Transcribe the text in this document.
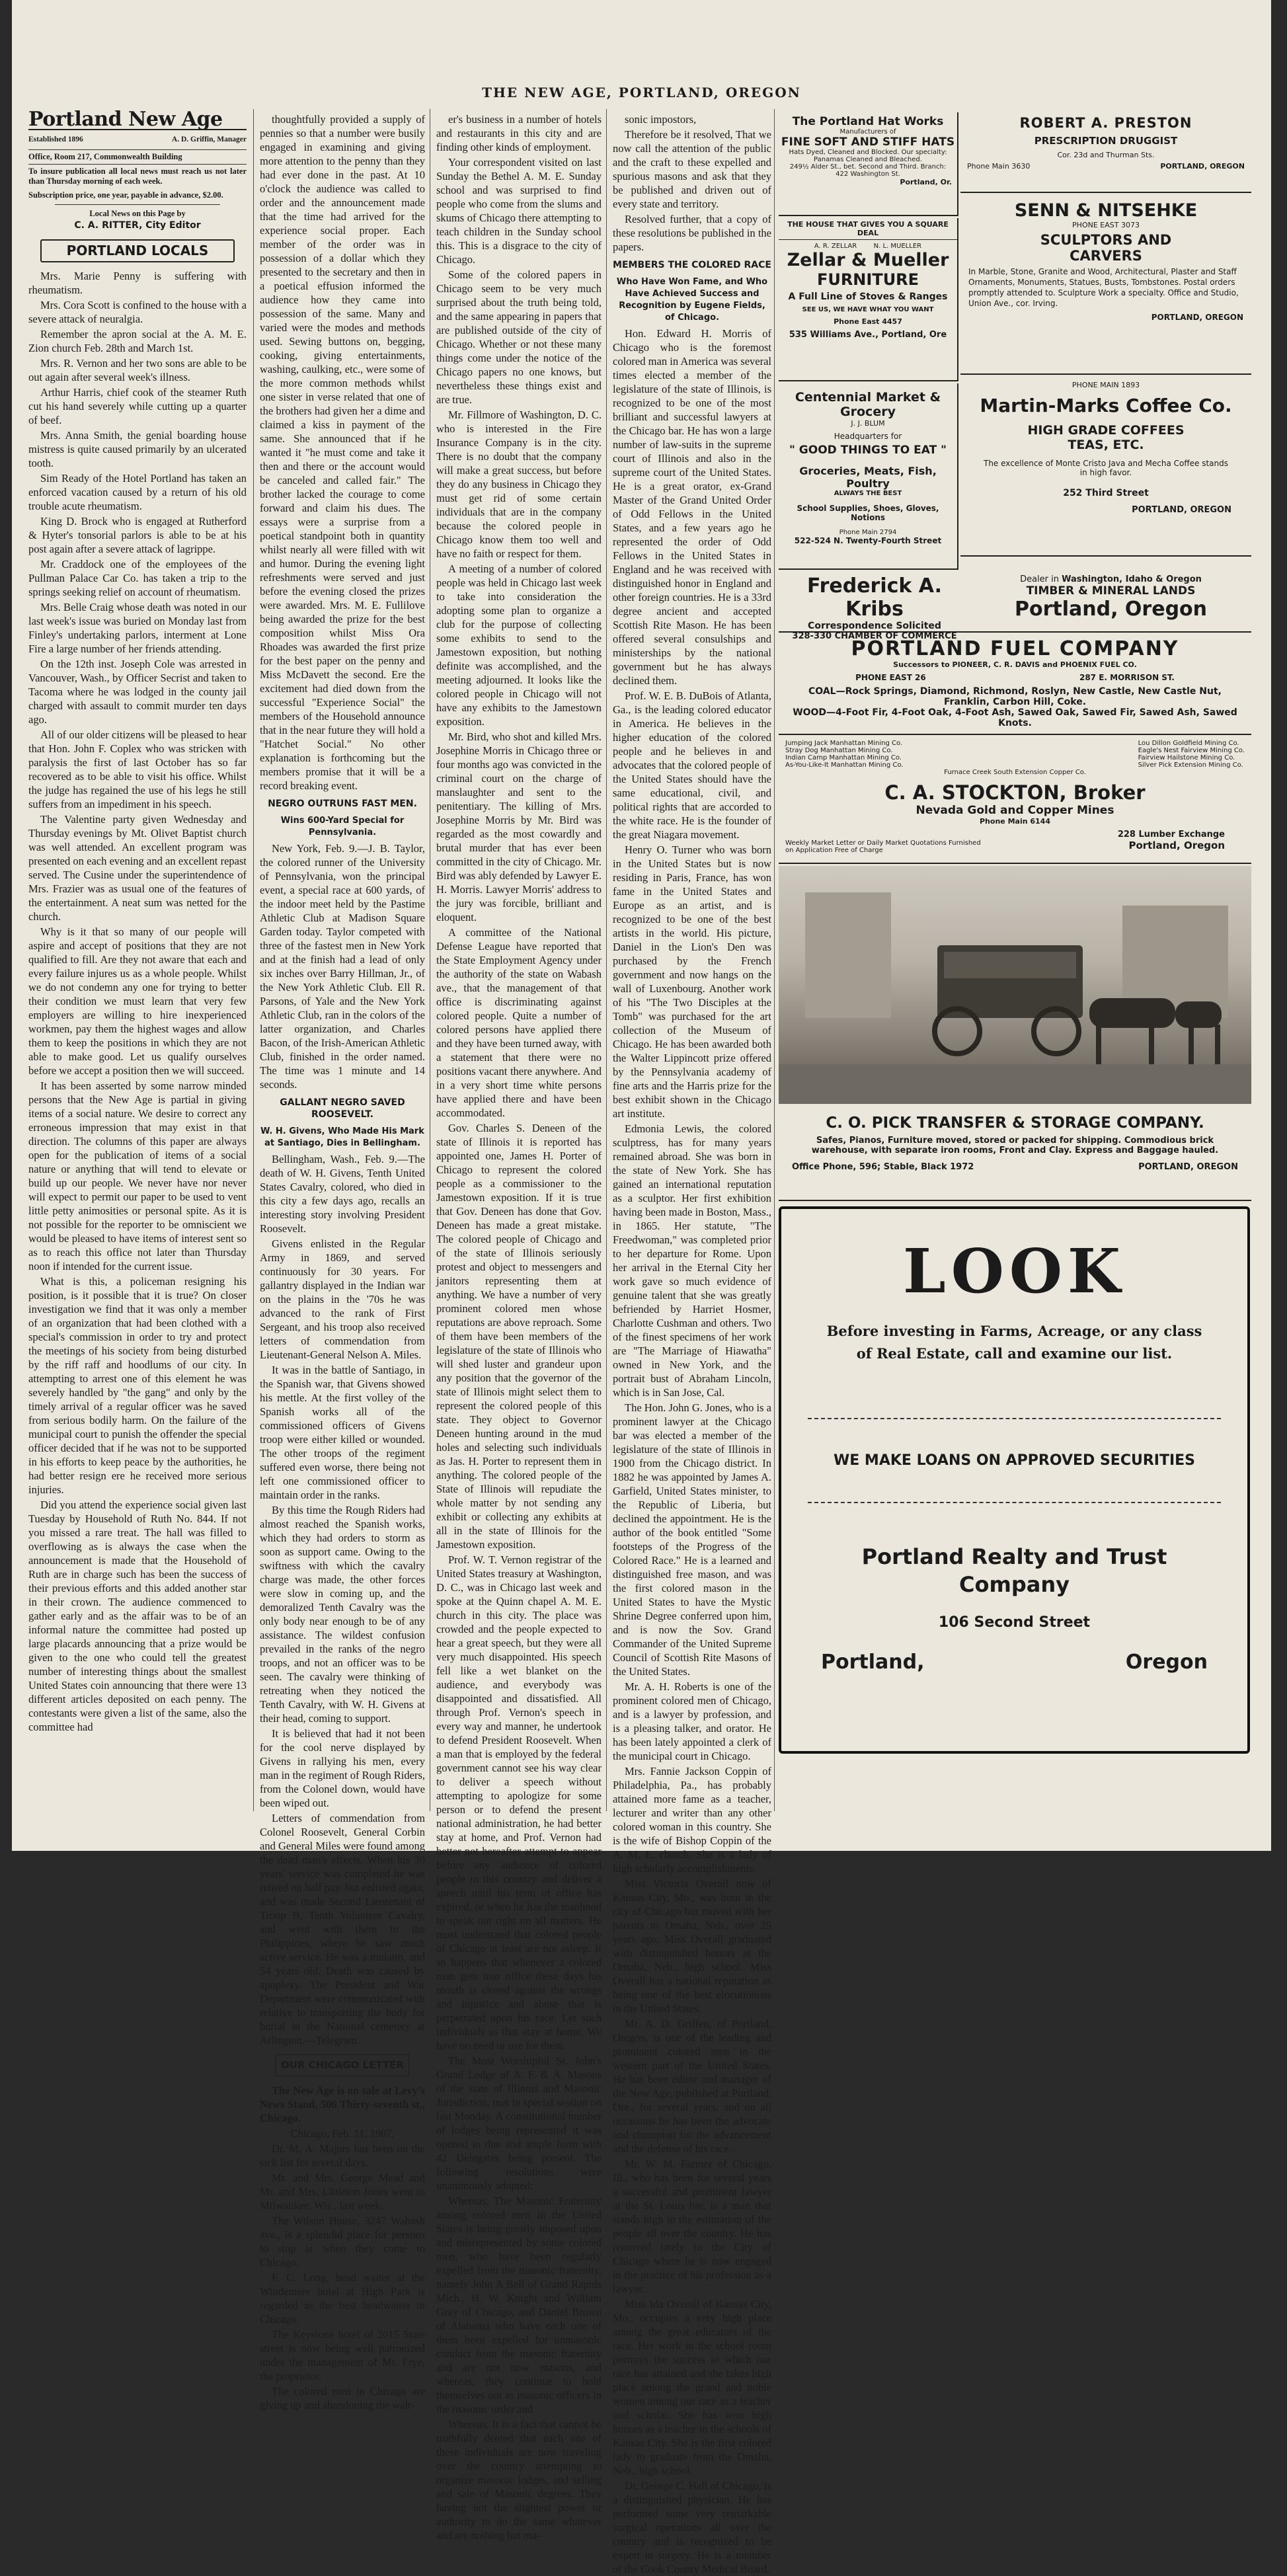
THE NEW AGE, PORTLAND, OREGON
Portland New Age
Established 1896	A. D. Griffin, Manager
Office, Room 217, Commonwealth Building
To insure publication all local news must reach us not later than Thursday morning of each week.
Subscription price, one year, payable in advance, $2.00.
Local News on this Page by
C. A. RITTER, City Editor
PORTLAND LOCALS

Mrs. Marie Penny is suffering with rheumatism.

Mrs. Cora Scott is confined to the house with a severe attack of neuralgia.

Remember the apron social at the A. M. E. Zion church Feb. 28th and March 1st.

Mrs. R. Vernon and her two sons are able to be out again after several week's illness.

Arthur Harris, chief cook of the steamer Ruth cut his hand severely while cutting up a quarter of beef.

Mrs. Anna Smith, the genial boarding house mistress is quite caused primarily by an ulcerated tooth.

Sim Ready of the Hotel Portland has taken an enforced vacation caused by a return of his old trouble acute rheumatism.

King D. Brock who is engaged at Rutherford & Hyter's tonsorial parlors is able to be at his post again after a severe attack of lagrippe.

Mr. Craddock one of the employees of the Pullman Palace Car Co. has taken a trip to the springs seeking relief on account of rheumatism.

Mrs. Belle Craig whose death was noted in our last week's issue was buried on Monday last from Finley's undertaking parlors, interment at Lone Fire a large number of her friends attending.

On the 12th inst. Joseph Cole was arrested in Vancouver, Wash., by Officer Secrist and taken to Tacoma where he was lodged in the county jail charged with assault to commit murder ten days ago.

All of our older citizens will be pleased to hear that Hon. John F. Coplex who was stricken with paralysis the first of last October has so far recovered as to be able to visit his office. Whilst the judge has regained the use of his legs he still suffers from an impediment in his speech.

The Valentine party given Wednesday and Thursday evenings by Mt. Olivet Baptist church was well attended. An excellent program was presented on each evening and an excellent repast served. The Cusine under the superintendence of Mrs. Frazier was as usual one of the features of the entertainment. A neat sum was netted for the church.

Why is it that so many of our people will aspire and accept of positions that they are not qualified to fill. Are they not aware that each and every failure injures us as a whole people. Whilst we do not condemn any one for trying to better their condition we must learn that very few employers are willing to hire inexperienced workmen, pay them the highest wages and allow them to keep the positions in which they are not able to make good. Let us qualify ourselves before we accept a position then we will succeed.

It has been asserted by some narrow minded persons that the New Age is partial in giving items of a social nature. We desire to correct any erroneous impression that may exist in that direction. The columns of this paper are always open for the publication of items of a social nature or anything that will tend to elevate or build up our people. We never have nor never will expect to permit our paper to be used to vent little petty animosities or personal spite. As it is not possible for the reporter to be omniscient we would be pleased to have items of interest sent so as to reach this office not later than Thursday noon if intended for the current issue.

What is this, a policeman resigning his position, is it possible that it is true? On closer investigation we find that it was only a member of an organization that had been clothed with a special's commission in order to try and protect the meetings of his society from being disturbed by the riff raff and hoodlums of our city. In attempting to arrest one of this element he was severely handled by "the gang" and only by the timely arrival of a regular officer was he saved from serious bodily harm. On the failure of the municipal court to punish the offender the special officer decided that if he was not to be supported in his efforts to keep peace by the authorities, he had better resign ere he received more serious injuries.

Did you attend the experience social given last Tuesday by Household of Ruth No. 844. If not you missed a rare treat. The hall was filled to overflowing as is always the case when the announcement is made that the Household of Ruth are in charge such has been the success of their previous efforts and this added another star in their crown. The audience commenced to gather early and as the affair was to be of an informal nature the committee had posted up large placards announcing that a prize would be given to the one who could tell the greatest number of interesting things about the smallest United States coin announcing that there were 13 different articles deposited on each penny. The contestants were given a list of the same, also the committee had

thoughtfully provided a supply of pennies so that a number were busily engaged in examining and giving more attention to the penny than they had ever done in the past. At 10 o'clock the audience was called to order and the announcement made that the time had arrived for the experience social proper. Each member of the order was in possession of a dollar which they presented to the secretary and then in a poetical effusion informed the audience how they came into possession of the same. Many and varied were the modes and methods used. Sewing buttons on, begging, cooking, giving entertainments, washing, caulking, etc., were some of the more common methods whilst one sister in verse related that one of the brothers had given her a dime and claimed a kiss in payment of the same. She announced that if he wanted it "he must come and take it then and there or the account would be canceled and called fair." The brother lacked the courage to come forward and claim his dues. The essays were a surprise from a poetical standpoint both in quantity whilst nearly all were filled with wit and humor. During the evening light refreshments were served and just before the evening closed the prizes were awarded. Mrs. M. E. Fullilove being awarded the prize for the best composition whilst Miss Ora Rhoades was awarded the first prize for the best paper on the penny and Miss McDavett the second. Ere the excitement had died down from the successful "Experience Social" the members of the Household announce that in the near future they will hold a "Hatchet Social." No other explanation is forthcoming but the members promise that it will be a record breaking event.

NEGRO OUTRUNS FAST MEN.
Wins 600-Yard Special for Pennsylvania.

New York, Feb. 9.—J. B. Taylor, the colored runner of the University of Pennsylvania, won the principal event, a special race at 600 yards, of the indoor meet held by the Pastime Athletic Club at Madison Square Garden today. Taylor competed with three of the fastest men in New York and at the finish had a lead of only six inches over Barry Hillman, Jr., of the New York Athletic Club. Ell R. Parsons, of Yale and the New York Athletic Club, ran in the colors of the latter organization, and Charles Bacon, of the Irish-American Athletic Club, finished in the order named. The time was 1 minute and 14 seconds.

GALLANT NEGRO SAVED ROOSEVELT.
W. H. Givens, Who Made His Mark at Santiago, Dies in Bellingham.

Bellingham, Wash., Feb. 9.—The death of W. H. Givens, Tenth United States Cavalry, colored, who died in this city a few days ago, recalls an interesting story involving President Roosevelt.

Givens enlisted in the Regular Army in 1869, and served continuously for 30 years. For gallantry displayed in the Indian war on the plains in the '70s he was advanced to the rank of First Sergeant, and his troop also received letters of commendation from Lieutenant-General Nelson A. Miles.

It was in the battle of Santiago, in the Spanish war, that Givens showed his mettle. At the first volley of the Spanish works all of the commissioned officers of Givens troop were either killed or wounded. The other troops of the regiment suffered even worse, there being not left one commissioned officer to maintain order in the ranks.

By this time the Rough Riders had almost reached the Spanish works, which they had orders to storm as soon as support came. Owing to the swiftness with which the cavalry charge was made, the other forces were slow in coming up, and the demoralized Tenth Cavalry was the only body near enough to be of any assistance. The wildest confusion prevailed in the ranks of the negro troops, and not an officer was to be seen. The cavalry were thinking of retreating when they noticed the Tenth Cavalry, with W. H. Givens at their head, coming to support.

It is believed that had it not been for the cool nerve displayed by Givens in rallying his men, every man in the regiment of Rough Riders, from the Colonel down, would have been wiped out.

Letters of commendation from Colonel Roosevelt, General Corbin and General Miles were found among the dead man's effects. When his 30 years' service was completed he was retired on half pay, but enlisted again, and was made Second Lieutenant of Troop B, Tenth Volunteer Cavalry, and went with them to the Philippines, where he saw much active service. He was a mulatto, and 54 years old. Death was caused by apoplexy. The President and War Department were communicated with relative to transporting the body for burial in the National cemetery at Arlington.—Telegram.

OUR CHICAGO LETTER

The New Age is on sale at Levy's News Stand, 506 Thirty-seventh st., Chicago.

Chicago, Feb. 11, 1907.

Dr. M. A. Majors has been on the sick list for several days.

Mr. and Mrs. George Mead and Mr. and Mrs. Littleton Jones went to Milwaukee, Wis., last week.

The Wilson House, 3247 Wabash ave., is a splendid place for persons to stop at when they come to Chicago.

F. C. Long, head waiter at the Windemere hotel at High Park is regarded as the best headwaiter in Chicago.

The Keystone hotel of 2015 State street is now being well patronized under the management of Mr. Frye, the proprietor.

The colored men in Chicago are giving up and abandoning the walt-

er's business in a number of hotels and restaurants in this city and are finding other kinds of employment.

Your correspondent visited on last Sunday the Bethel A. M. E. Sunday school and was surprised to find people who come from the slums and skums of Chicago there attempting to teach children in the Sunday school this. This is a disgrace to the city of Chicago.

Some of the colored papers in Chicago seem to be very much surprised about the truth being told, and the same appearing in papers that are published outside of the city of Chicago. Whether or not these many things come under the notice of the Chicago papers no one knows, but nevertheless these things exist and are true.

Mr. Fillmore of Washington, D. C. who is interested in the Fire Insurance Company is in the city. There is no doubt that the company will make a great success, but before they do any business in Chicago they must get rid of some certain individuals that are in the company because the colored people in Chicago know them too well and have no faith or respect for them.

A meeting of a number of colored people was held in Chicago last week to take into consideration the adopting some plan to organize a club for the purpose of collecting some exhibits to send to the Jamestown exposition, but nothing definite was accomplished, and the meeting adjourned. It looks like the colored people in Chicago will not have any exhibits to the Jamestown exposition.

Mr. Bird, who shot and killed Mrs. Josephine Morris in Chicago three or four months ago was convicted in the criminal court on the charge of manslaughter and sent to the penitentiary. The killing of Mrs. Josephine Morris by Mr. Bird was regarded as the most cowardly and brutal murder that has ever been committed in the city of Chicago. Mr. Bird was ably defended by Lawyer E. H. Morris. Lawyer Morris' address to the jury was forcible, brilliant and eloquent.

A committee of the National Defense League have reported that the State Employment Agency under the authority of the state on Wabash ave., that the management of that office is discriminating against colored people. Quite a number of colored persons have applied there and they have been turned away, with a statement that there were no positions vacant there anywhere. And in a very short time white persons have applied there and have been accommodated.

Gov. Charles S. Deneen of the state of Illinois it is reported has appointed one, James H. Porter of Chicago to represent the colored people as a commissioner to the Jamestown exposition. If it is true that Gov. Deneen has done that Gov. Deneen has made a great mistake. The colored people of Chicago and of the state of Illinois seriously protest and object to messengers and janitors representing them at anything. We have a number of very prominent colored men whose reputations are above reproach. Some of them have been members of the legislature of the state of Illinois who will shed luster and grandeur upon any position that the governor of the state of Illinois might select them to represent the colored people of this state. They object to Governor Deneen hunting around in the mud holes and selecting such individuals as Jas. H. Porter to represent them in anything. The colored people of the State of Illinois will repudiate the whole matter by not sending any exhibit or collecting any exhibits at all in the state of Illinois for the Jamestown exposition.

Prof. W. T. Vernon registrar of the United States treasury at Washington, D. C., was in Chicago last week and spoke at the Quinn chapel A. M. E. church in this city. The place was crowded and the people expected to hear a great speech, but they were all very much disappointed. His speech fell like a wet blanket on the audience, and everybody was disappointed and dissatisfied. All through Prof. Vernon's speech in every way and manner, he undertook to defend President Roosevelt. When a man that is employed by the federal government cannot see his way clear to deliver a speech without attempting to apologize for some person or to defend the present national administration, he had better stay at home, and Prof. Vernon had better not hereafter attempt to appear before any audience of colored people in this country and deliver a speech until his term of office has expired, or when he has the manhood to speak out right on all matters. He must understand that colored people of Chicago at least are not asleep. It so happens that whenever a colored man gets into office these days his mouth is closed against the wrongs and injustice and abuse that is perpetrated upon his race. Let such individuals as that stay at home. We have no need or use for them.

The Most Worshipful St. John's Grand Lodge of A. F. & A. Masons of the state of Illinois and Masonic Jurisdiction, met in special session on last Monday. A constitutional number of lodges being represented it was opened in due and ample form with 42 Delegates being present. The following resolutions were unanimously adopted:

Whereas, The Masonic Fraternity among colored men in the United States is being greatly imposed upon and misrepresented by some colored men, who have been regularly expelled from the masonic fraternity, namely John A Bell of Grand Rapids Mich., H. W. Knight and William Gray of Chicago, and Daniel Brown of Alabama who have each one of them been expelled for unmasonic conduct from the masonic fraternity and are not now masons, and whereas, they continue to hold themselves out as masonic officers in the masonic order and

Whereas, It is a fact that cannot be truthfully denied that each one of these individuals are now traveling over the country attempting to organize masonic lodges, and selling and sale of Masonic degrees. They having not the slightest power or authority to do the same whatever and are nothing but ma-

sonic impostors,

Therefore be it resolved, That we now call the attention of the public and the craft to these expelled and spurious masons and ask that they be published and driven out of every state and territory.

Resolved further, that a copy of these resolutions be published in the papers.

MEMBERS THE COLORED RACE
Who Have Won Fame, and Who Have Achieved Success and Recognition by Eugene Fields, of Chicago.

Hon. Edward H. Morris of Chicago who is the foremost colored man in America was several times elected a member of the legislature of the state of Illinois, is recognized to be one of the most brilliant and successful lawyers at the Chicago bar. He has won a large number of law-suits in the supreme court of Illinois and also in the supreme court of the United States. He is a great orator, ex-Grand Master of the Grand United Order of Odd Fellows in the United States, and a few years ago he represented the order of Odd Fellows in the United States in England and he was received with distinguished honor in England and other foreign countries. He is a 33rd degree ancient and accepted Scottish Rite Mason. He has been offered several consulships and ministerships by the national government but he has always declined them.

Prof. W. E. B. DuBois of Atlanta, Ga., is the leading colored educator in America. He believes in the higher education of the colored people and he believes in and advocates that the colored people of the United States should have the same educational, civil, and political rights that are accorded to the white race. He is the founder of the great Niagara movement.

Henry O. Turner who was born in the United States but is now residing in Paris, France, has won fame in the United States and Europe as an artist, and is recognized to be one of the best artists in the world. His picture, Daniel in the Lion's Den was purchased by the French government and now hangs on the wall of Luxenbourg. Another work of his "The Two Disciples at the Tomb" was purchased for the art collection of the Museum of Chicago. He has been awarded both the Walter Lippincott prize offered by the Pennsylvania academy of fine arts and the Harris prize for the best exhibit shown in the Chicago art institute.

Edmonia Lewis, the colored sculptress, has for many years remained abroad. She was born in the state of New York. She has gained an international reputation as a sculptor. Her first exhibition having been made in Boston, Mass., in 1865. Her statute, "The Freedwoman," was completed prior to her departure for Rome. Upon her arrival in the Eternal City her work gave so much evidence of genuine talent that she was greatly befriended by Harriet Hosmer, Charlotte Cushman and others. Two of the finest specimens of her work are "The Marriage of Hiawatha" owned in New York, and the portrait bust of Abraham Lincoln, which is in San Jose, Cal.

The Hon. John G. Jones, who is a prominent lawyer at the Chicago bar was elected a member of the legislature of the state of Illinois in 1900 from the Chicago district. In 1882 he was appointed by James A. Garfield, United States minister, to the Republic of Liberia, but declined the appointment. He is the author of the book entitled "Some footsteps of the Progress of the Colored Race." He is a learned and distinguished free mason, and was the first colored mason in the United States to have the Mystic Shrine Degree conferred upon him, and is now the Sov. Grand Commander of the United Supreme Council of Scottish Rite Masons of the United States.

Mr. A. H. Roberts is one of the prominent colored men of Chicago, and is a lawyer by profession, and is a pleasing talker, and orator. He has been lately appointed a clerk of the municipal court in Chicago.

Mrs. Fannie Jackson Coppin of Philadelphia, Pa., has probably attained more fame as a teacher, lecturer and writer than any other colored woman in this country. She is the wife of Bishop Coppin of the A. M. E. church. She is a lady of high scholarly accomplishments.

Miss Victoria Overall now of Kansas City, Mo., was born in the city of Chicago but moved with her parents to Omaha, Neb., over 25 years ago. Miss Overall graduated with distinguished honors at the Omaha, Neb., high school. Miss Overall has a national reputation as being one of the best elocutionists in the United States.

Mr. A. D. Griffen, of Portland, Oregon, is one of the leading and prominent colored men in the western part of the United States. He has been editor and manager of the New Age, published at Portland, Ore., for several years, and on all occasions he has been the advocate and champion for the advancement and the defense of his race.

Mr. W. M. Farmer of Chicago, Ill., who has been for several years a successful and prominent lawyer at the St. Louis bar, is a man that stands high in the estimation of the people all over the country. He has removed lately to the City of Chicago where he is now engaged in the practice of his profession as a lawyer.

Miss Ida Overall of Kansas City, Mo., occupies a very high place among the great educators of the race. Her work in the school room portrays the success to which our race has attained and she takes high place among the grand and noble women among our race as a teacher and scholar. She has won high honors as a teacher in the schools of Kansas City. She is the first colored lady to graduate from the Omaha, Neb., high school.

Dr. George C. Hall of Chicago, is a distinguished physician. He has performed some very remarkable surgical operations all over the country and is recognized to be expert in surgery. He is a member of the Cook County Medical Board.

The Portland Hat Works
Manufacturers of
FINE SOFT AND STIFF HATS
Hats Dyed, Cleaned and Blocked. Our specialty: Panamas Cleaned and Bleached.
249½ Alder St., bet. Second and Third. Branch: 422 Washington St.
Portland, Or.
ROBERT A. PRESTON
PRESCRIPTION DRUGGIST
Cor. 23d and Thurman Sts.
Phone Main 3630	PORTLAND, OREGON
THE HOUSE THAT GIVES YOU A SQUARE DEAL
A. R. ZELLAR        N. L. MUELLER
Zellar & Mueller
FURNITURE
A Full Line of Stoves & Ranges
SEE US, WE HAVE WHAT YOU WANT
Phone East 4457
535 Williams Ave., Portland, Ore
SENN & NITSEHKE
PHONE EAST 3073
SCULPTORS AND CARVERS
In Marble, Stone, Granite and Wood, Architectural, Plaster and Staff Ornaments, Monuments, Statues, Busts, Tombstones. Postal orders promptly attended to. Sculpture Work a specialty. Office and Studio, Union Ave., cor. Irving.
PORTLAND, OREGON
Centennial Market & Grocery
J. J. BLUM
Headquarters for
" GOOD THINGS TO EAT "
Groceries, Meats, Fish, Poultry
ALWAYS THE BEST
School Supplies, Shoes, Gloves, Notions
Phone Main 2794
522-524 N. Twenty-Fourth Street
PHONE MAIN 1893
Martin-Marks Coffee Co.
HIGH GRADE COFFEES TEAS, ETC.
The excellence of Monte Cristo Java and Mecha Coffee stands in high favor.
252 Third Street
PORTLAND, OREGON
Frederick A. Kribs
Correspondence Solicited
328-330 CHAMBER OF COMMERCE
Dealer in Washington, Idaho & Oregon
TIMBER & MINERAL LANDS
Portland, Oregon
PORTLAND FUEL COMPANY
Successors to PIONEER, C. R. DAVIS and PHOENIX FUEL CO.
PHONE EAST 26	287 E. MORRISON ST.
COAL—Rock Springs, Diamond, Richmond, Roslyn, New Castle, New Castle Nut, Franklin, Carbon Hill, Coke.
WOOD—4-Foot Fir, 4-Foot Oak, 4-Foot Ash, Sawed Oak, Sawed Fir, Sawed Ash, Sawed Knots.
Jumping Jack Manhattan Mining Co.
Stray Dog Manhattan Mining Co.
Indian Camp Manhattan Mining Co.
As-You-Like-It Manhattan Mining Co.
Lou Dillon Goldfield Mining Co.
Eagle's Nest Fairview Mining Co.
Fairview Hailstone Mining Co.
Silver Pick Extension Mining Co.
Furnace Creek South Extension Copper Co.
C. A. STOCKTON, Broker
Nevada Gold and Copper Mines
Phone Main 6144
228 Lumber Exchange
Weekly Market Letter or Daily Market Quotations Furnished on Application Free of Charge	Portland, Oregon
C. O. PICK TRANSFER & STORAGE COMPANY.
Safes, Pianos, Furniture moved, stored or packed for shipping. Commodious brick warehouse, with separate iron rooms, Front and Clay. Express and Baggage hauled.
Office Phone, 596; Stable, Black 1972	PORTLAND, OREGON
LOOK
Before investing in Farms, Acreage, or any class of Real Estate, call and examine our list.
WE MAKE LOANS ON APPROVED SECURITIES
Portland Realty and Trust Company
106 Second Street
Portland,	Oregon
